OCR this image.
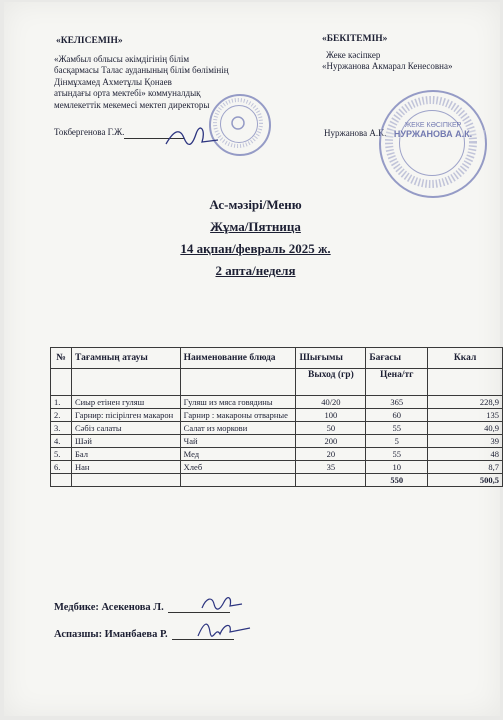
«КЕЛІСЕМІН»
«Жамбыл облысы әкімдігінің білім
басқармасы Талас ауданының білім бөлімінің
Дінмұхамед Ахметұлы Қонаев
атындағы орта мектебі» коммуналдық
мемлекеттік мекемесі мектеп директоры
Токбергенова Г.Ж.
«БЕКІТЕМІН»
Жеке кәсіпкер
«Нуржанова Акмарал Кенесовна»
Нуржанова А.К.
ЖЕКЕ КӘСІПКЕР
НУРЖАНОВА А.К.
Ас-мәзірі/Меню
Жұма/Пятница
14 ақпан/февраль 2025 ж.
2 апта/неделя
№	Тағамның атауы	Наименование блюда	Шығымы	Бағасы	Ккал
			Выход (гр)	Цена/тг	
1.	Сиыр етінен гуляш	Гуляш из мяса говядины	40/20	365	228,9
2.	Гарнир: пісірілген макарон	Гарнир : макароны отварные	100	60	135
3.	Сәбіз салаты	Салат из моркови	50	55	40,9
4.	Шәй	Чай	200	5	39
5.	Бал	Мед	20	55	48
6.	Нан	Хлеб	35	10	8,7
				550	500,5
Медбике: Асекенова Л.
Аспазшы: Иманбаева Р.
